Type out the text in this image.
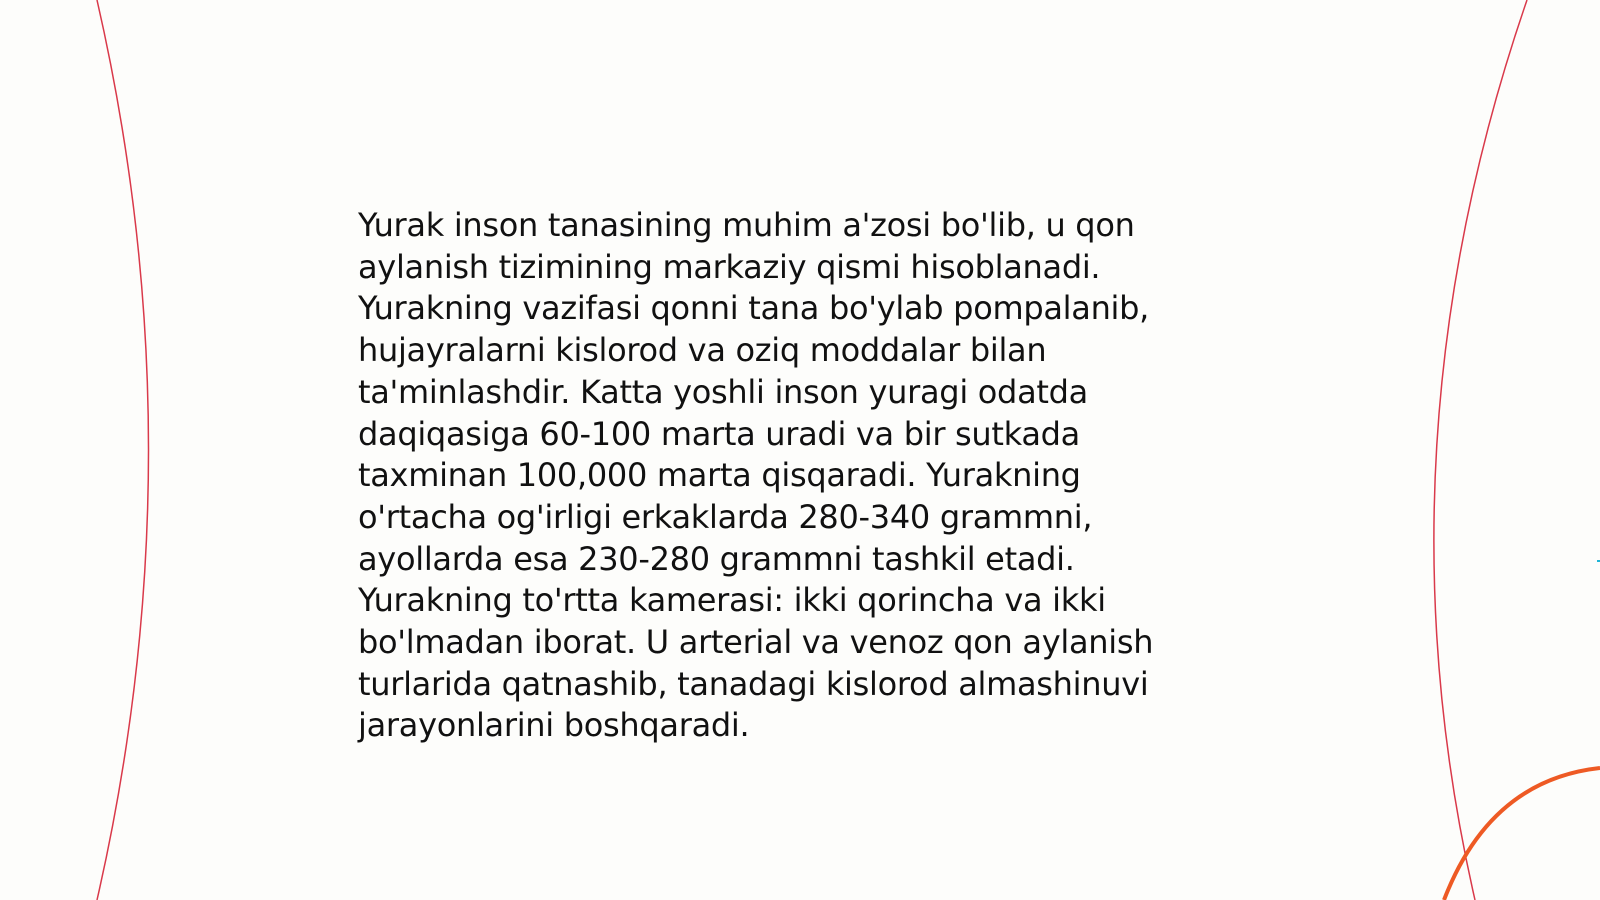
Yurak inson tanasining muhim a'zosi bo'lib, u qon
aylanish tizimining markaziy qismi hisoblanadi.
Yurakning vazifasi qonni tana bo'ylab pompalanib,
hujayralarni kislorod va oziq moddalar bilan
ta'minlashdir. Katta yoshli inson yuragi odatda
daqiqasiga 60-100 marta uradi va bir sutkada
taxminan 100,000 marta qisqaradi. Yurakning
o'rtacha og'irligi erkaklarda 280-340 grammni,
ayollarda esa 230-280 grammni tashkil etadi.
Yurakning to'rtta kamerasi: ikki qorincha va ikki
bo'lmadan iborat. U arterial va venoz qon aylanish
turlarida qatnashib, tanadagi kislorod almashinuvi
jarayonlarini boshqaradi.
